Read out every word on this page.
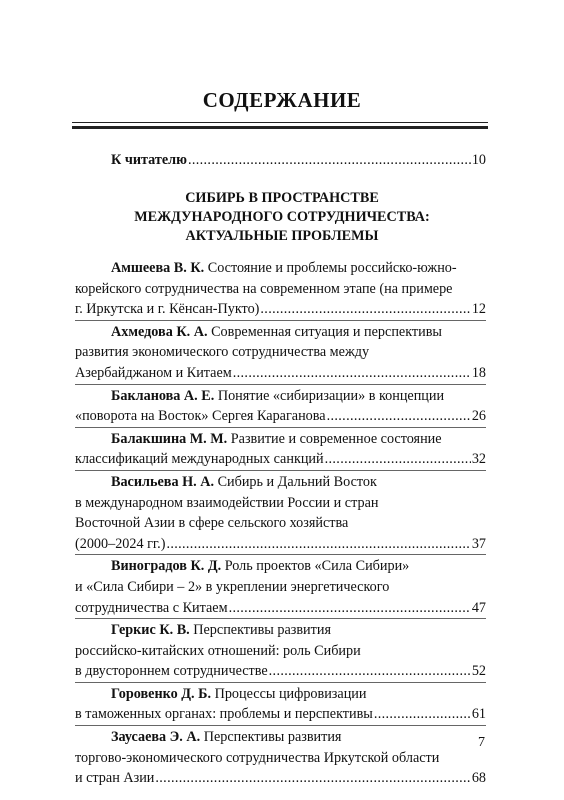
СОДЕРЖАНИЕ
К читателю . . .	10
СИБИРЬ В ПРОСТРАНСТВЕ
МЕЖДУНАРОДНОГО СОТРУДНИЧЕСТВА:
АКТУАЛЬНЫЕ ПРОБЛЕМЫ
Амшеева В. К.
Состояние и проблемы российско-южно-
корейского сотрудничества на современном этапе (на примере
г. Иркутска и г. Кёнсан-Пукто) . . .	12
Ахмедова К. А.
Современная ситуация и перспективы
развития экономического сотрудничества между
Азербайджаном и Китаем . . .	18
Бакланова А. Е.
Понятие «сибиризации» в концепции
«поворота на Восток» Сергея Караганова . . .	26
Балакшина М. М.
Развитие и современное состояние
классификаций международных санкций . . .	32
Васильева Н. А.
Сибирь и Дальний Восток
в международном взаимодействии России и стран
Восточной Азии в сфере сельского хозяйства
(2000–2024 гг.) . . .	37
Виноградов К. Д.
Роль проектов «Сила Сибири»
и «Сила Сибири – 2» в укреплении энергетического
сотрудничества с Китаем . . .	47
Геркис К. В.
Перспективы развития
российско-китайских отношений: роль Сибири
в двустороннем сотрудничестве . . .	52
Горовенко Д. Б.
Процессы цифровизации
в таможенных органах: проблемы и перспективы . . .	61
Заусаева Э. А.
Перспективы развития
торгово-экономического сотрудничества Иркутской области
и стран Азии . . .	68
7
